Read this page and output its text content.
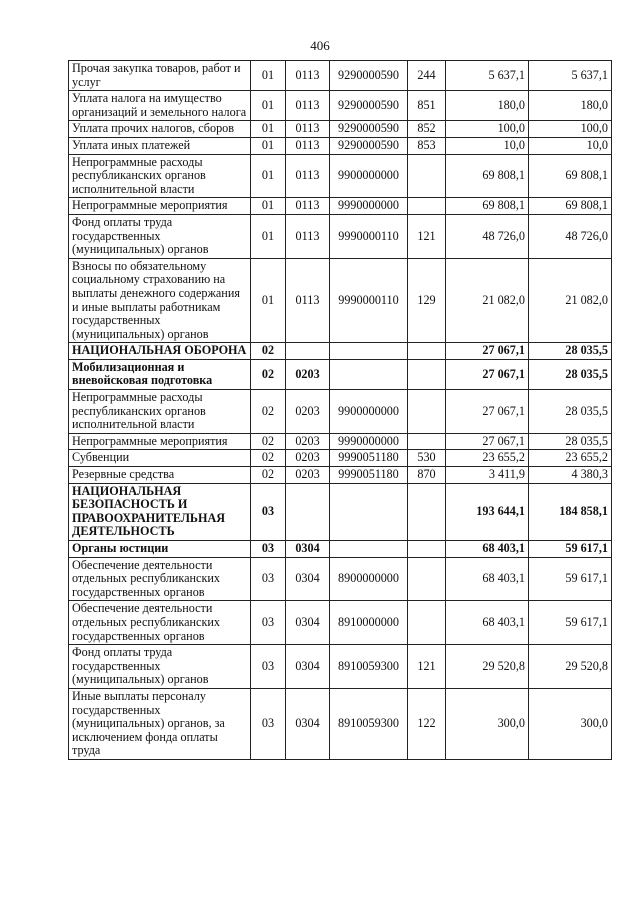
406
Прочая закупка товаров, работ и услуг	01	0113	9290000590	244	5 637,1	5 637,1
Уплата налога на имущество организаций и земельного налога	01	0113	9290000590	851	180,0	180,0
Уплата прочих налогов, сборов	01	0113	9290000590	852	100,0	100,0
Уплата иных платежей	01	0113	9290000590	853	10,0	10,0
Непрограммные расходы республиканских органов исполнительной власти	01	0113	9900000000		69 808,1	69 808,1
Непрограммные мероприятия	01	0113	9990000000		69 808,1	69 808,1
Фонд оплаты труда государственных (муниципальных) органов	01	0113	9990000110	121	48 726,0	48 726,0
Взносы по обязательному социальному страхованию на выплаты денежного содержания и иные выплаты работникам государственных (муниципальных) органов	01	0113	9990000110	129	21 082,0	21 082,0
НАЦИОНАЛЬНАЯ ОБОРОНА	02				27 067,1	28 035,5
Мобилизационная и вневойсковая подготовка	02	0203			27 067,1	28 035,5
Непрограммные расходы республиканских органов исполнительной власти	02	0203	9900000000		27 067,1	28 035,5
Непрограммные мероприятия	02	0203	9990000000		27 067,1	28 035,5
Субвенции	02	0203	9990051180	530	23 655,2	23 655,2
Резервные средства	02	0203	9990051180	870	3 411,9	4 380,3
НАЦИОНАЛЬНАЯ БЕЗОПАСНОСТЬ И ПРАВООХРАНИТЕЛЬНАЯ ДЕЯТЕЛЬНОСТЬ	03				193 644,1	184 858,1
Органы юстиции	03	0304			68 403,1	59 617,1
Обеспечение деятельности отдельных республиканских государственных органов	03	0304	8900000000		68 403,1	59 617,1
Обеспечение деятельности отдельных республиканских государственных органов	03	0304	8910000000		68 403,1	59 617,1
Фонд оплаты труда государственных (муниципальных) органов	03	0304	8910059300	121	29 520,8	29 520,8
Иные выплаты персоналу государственных (муниципальных) органов, за исключением фонда оплаты труда	03	0304	8910059300	122	300,0	300,0
